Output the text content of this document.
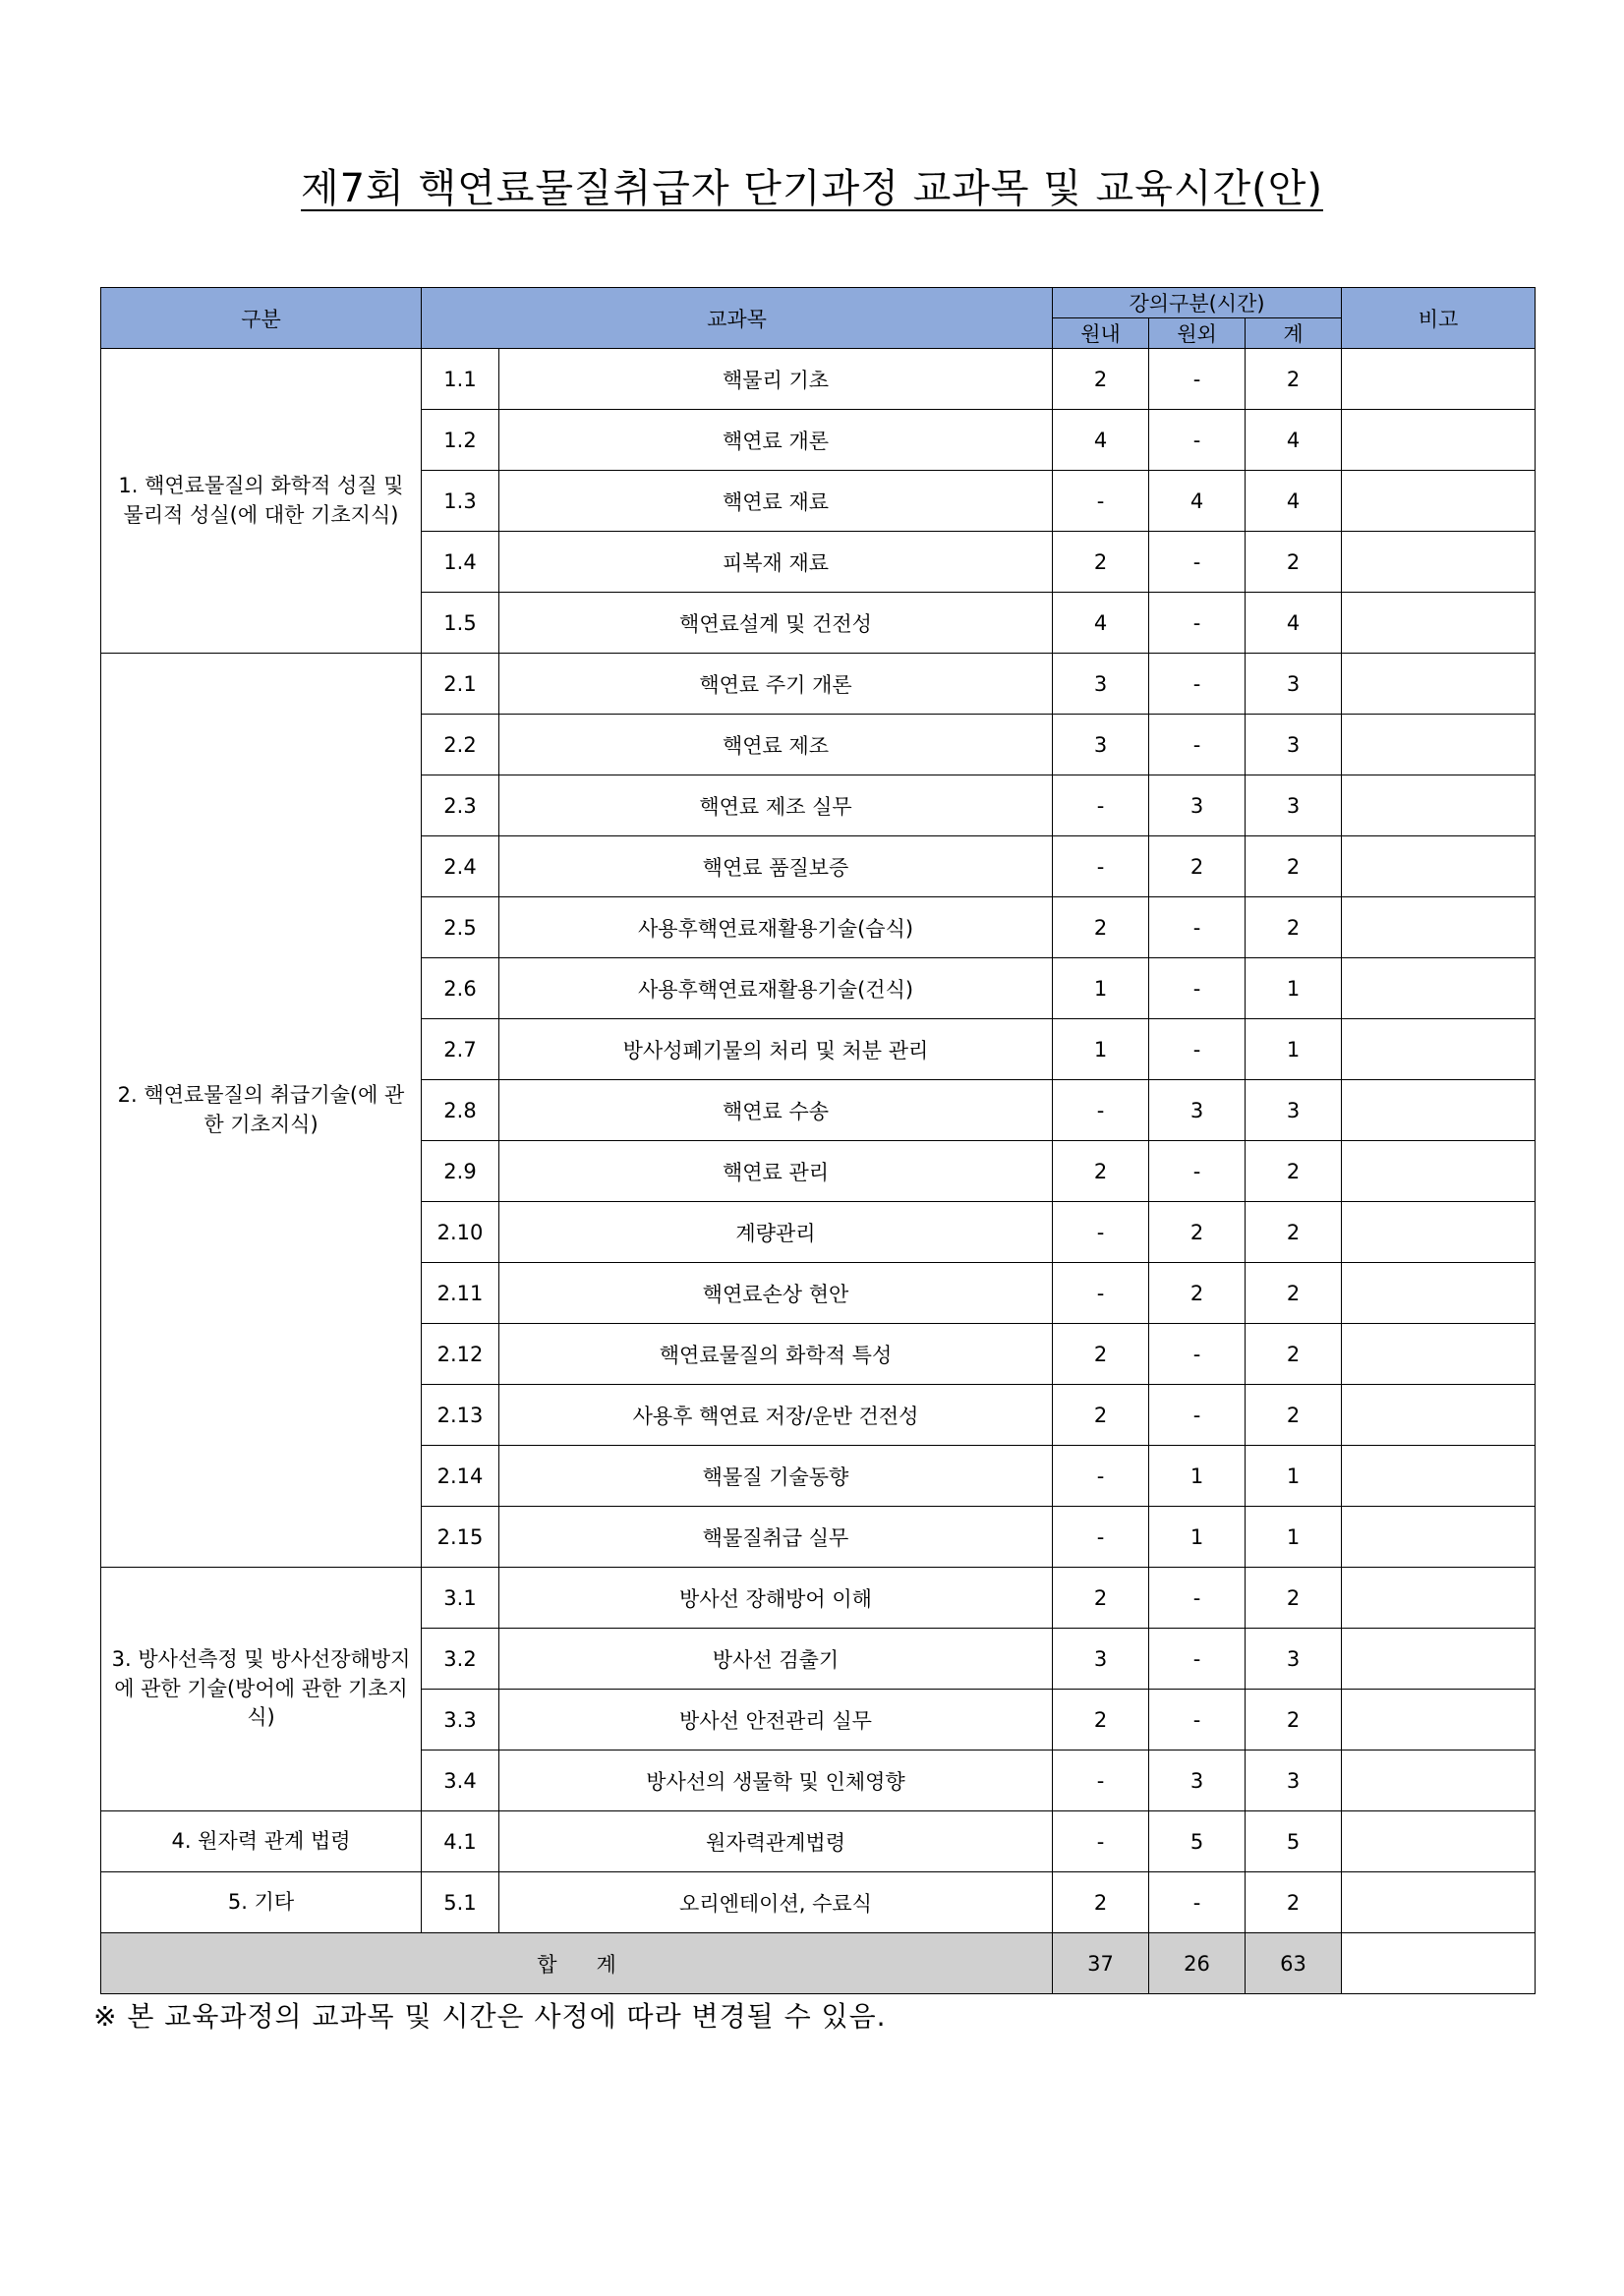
제7회 핵연료물질취급자 단기과정 교과목 및 교육시간(안)
구분	교과목		강의구분(시간)			비고
			원내	원외	계	
1. 핵연료물질의 화학적 성질 및 물리적 성실(에 대한 기초지식)	1.1	핵물리 기초	2	-	2	
	1.2	핵연료 개론	4	-	4	
	1.3	핵연료 재료	-	4	4	
	1.4	피복재 재료	2	-	2	
	1.5	핵연료설계 및 건전성	4	-	4	
2. 핵연료물질의 취급기술(에 관한 기초지식)	2.1	핵연료 주기 개론	3	-	3	
	2.2	핵연료 제조	3	-	3	
	2.3	핵연료 제조 실무	-	3	3	
	2.4	핵연료 품질보증	-	2	2	
	2.5	사용후핵연료재활용기술(습식)	2	-	2	
	2.6	사용후핵연료재활용기술(건식)	1	-	1	
	2.7	방사성폐기물의 처리 및 처분 관리	1	-	1	
	2.8	핵연료 수송	-	3	3	
	2.9	핵연료 관리	2	-	2	
	2.10	계량관리	-	2	2	
	2.11	핵연료손상 현안	-	2	2	
	2.12	핵연료물질의 화학적 특성	2	-	2	
	2.13	사용후 핵연료 저장/운반 건전성	2	-	2	
	2.14	핵물질 기술동향	-	1	1	
	2.15	핵물질취급 실무	-	1	1	
3. 방사선측정 및 방사선장해방지에 관한 기술(방어에 관한 기초지식)	3.1	방사선 장해방어 이해	2	-	2	
	3.2	방사선 검출기	3	-	3	
	3.3	방사선 안전관리 실무	2	-	2	
	3.4	방사선의 생물학 및 인체영향	-	3	3	
4. 원자력 관계 법령	4.1	원자력관계법령	-	5	5	
5. 기타	5.1	오리엔테이션, 수료식	2	-	2	
합      계			37	26	63	
※ 본 교육과정의 교과목 및 시간은 사정에 따라 변경될 수 있음.
